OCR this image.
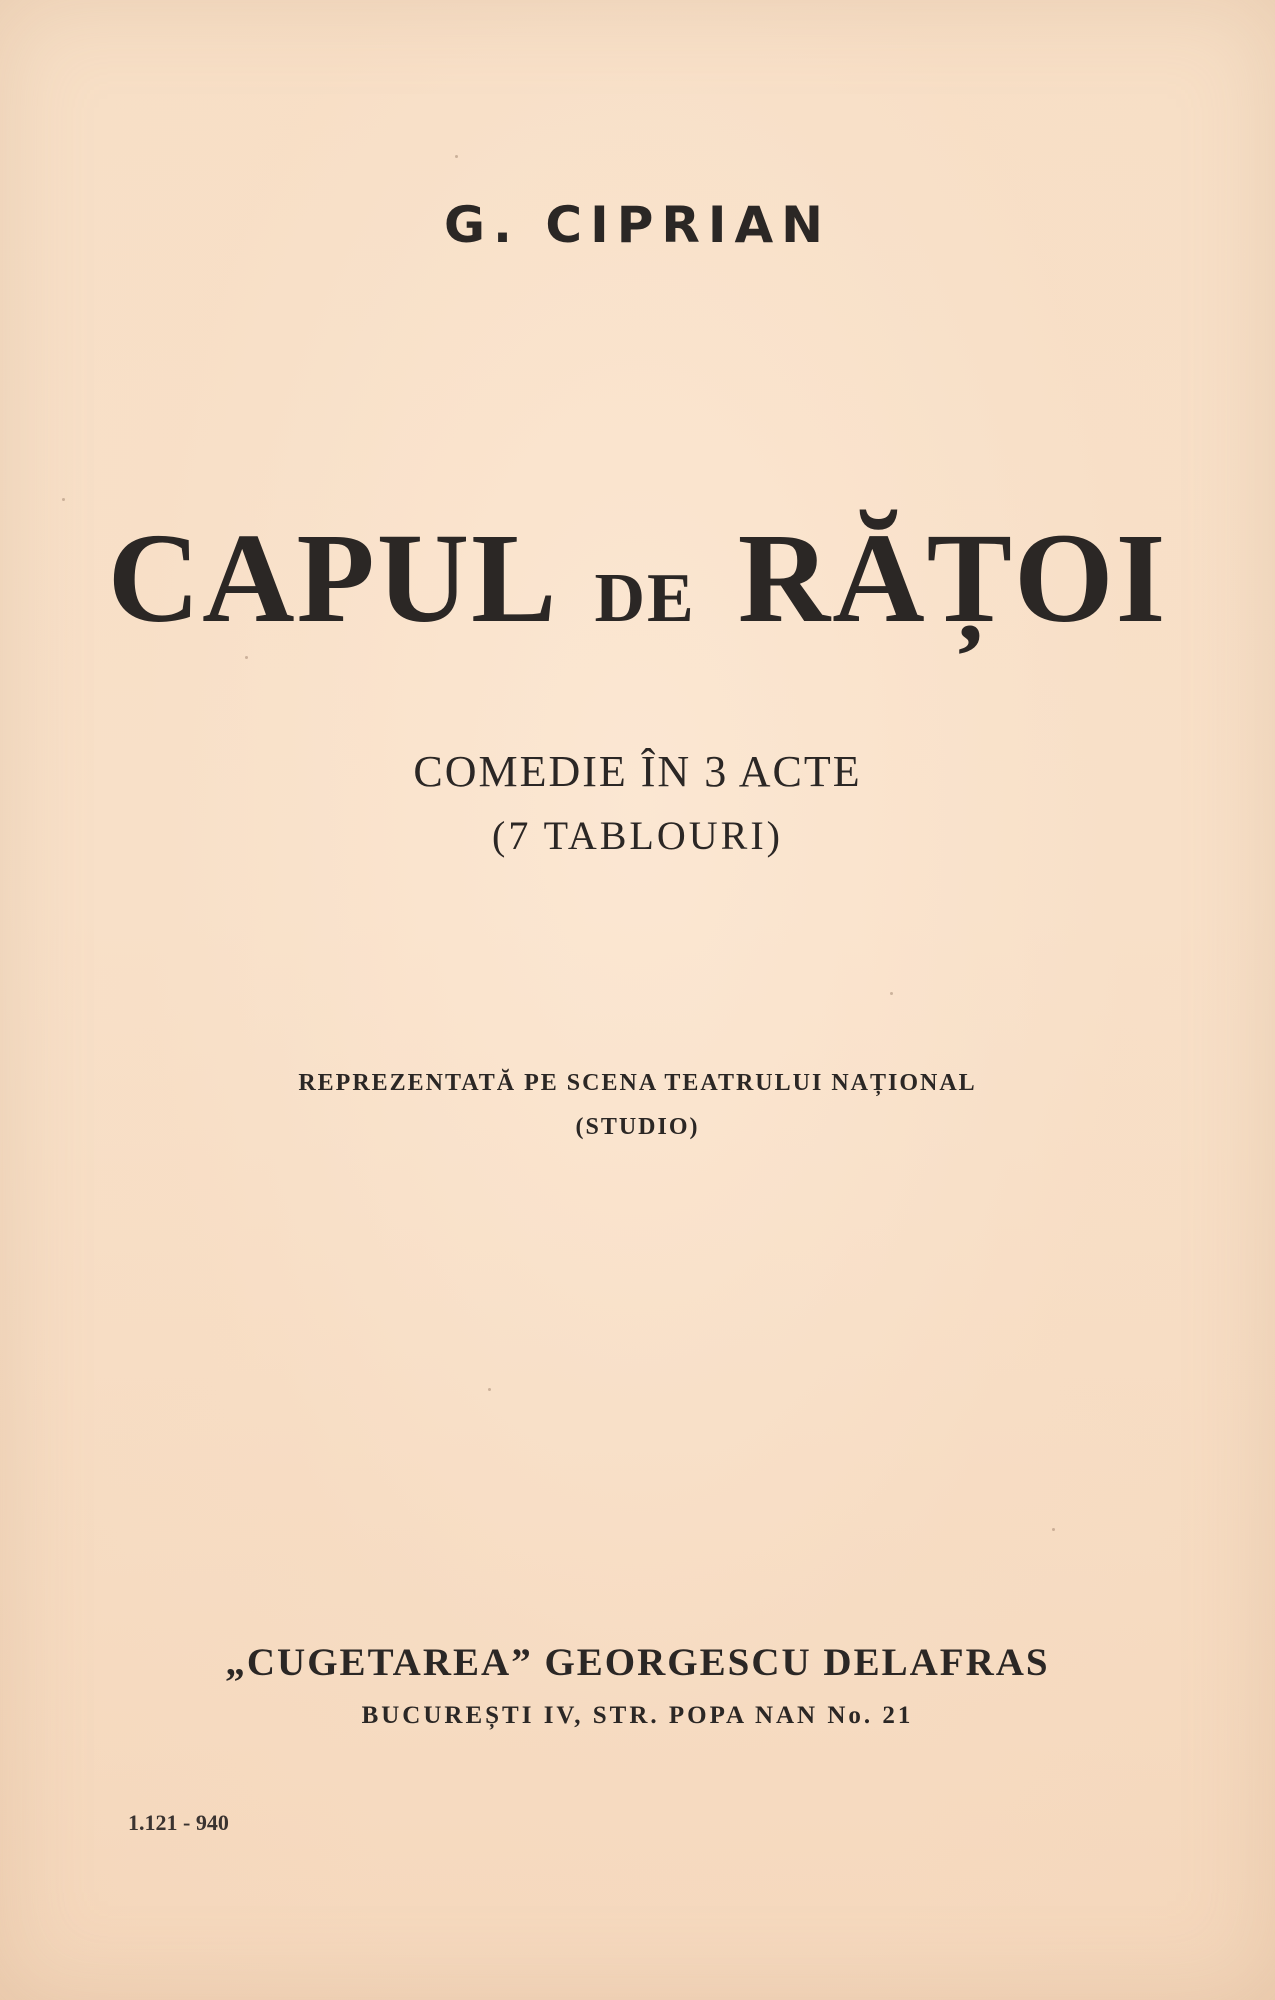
G. CIPRIAN
CAPUL DE RĂȚOI
COMEDIE ÎN 3 ACTE
(7 TABLOURI)
REPREZENTATĂ PE SCENA TEATRULUI NAȚIONAL
(STUDIO)
„CUGETAREA” GEORGESCU DELAFRAS
BUCUREȘTI IV, STR. POPA NAN No. 21
1.121 - 940
